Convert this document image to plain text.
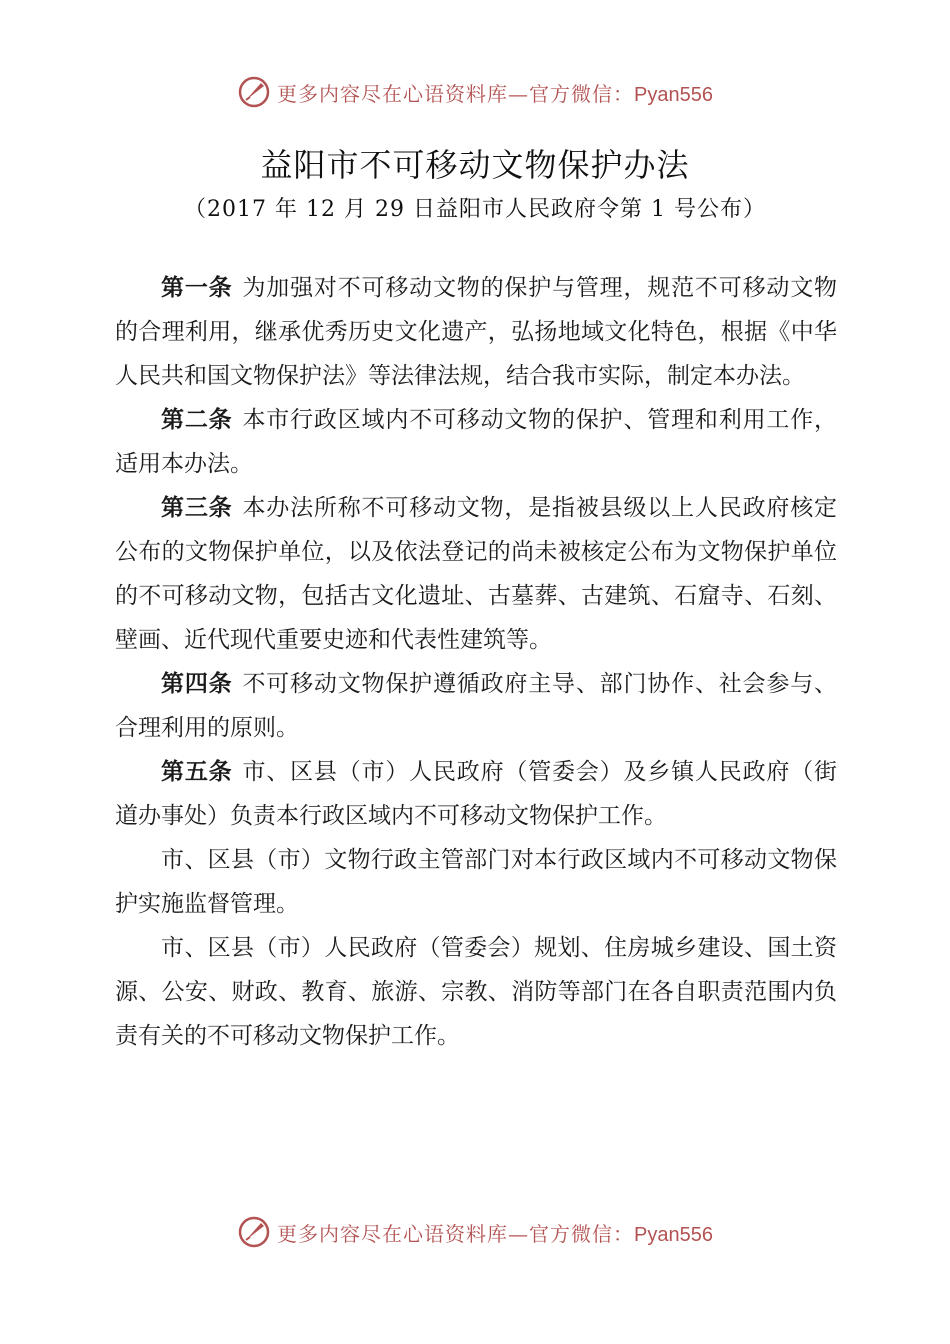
更多内容尽在心语资料库—官方微信：Pyan556
益阳市不可移动文物保护办法
（2017 年 12 月 29 日益阳市人民政府令第 1 号公布）

第一条 为加强对不可移动文物的保护与管理，规范不可移动文物的合理利用，继承优秀历史文化遗产，弘扬地域文化特色，根据《中华人民共和国文物保护法》等法律法规，结合我市实际，制定本办法。

第二条 本市行政区域内不可移动文物的保护、管理和利用工作，适用本办法。

第三条 本办法所称不可移动文物，是指被县级以上人民政府核定公布的文物保护单位，以及依法登记的尚未被核定公布为文物保护单位的不可移动文物，包括古文化遗址、古墓葬、古建筑、石窟寺、石刻、壁画、近代现代重要史迹和代表性建筑等。

第四条 不可移动文物保护遵循政府主导、部门协作、社会参与、合理利用的原则。

第五条 市、区县（市）人民政府（管委会）及乡镇人民政府（街道办事处）负责本行政区域内不可移动文物保护工作。

市、区县（市）文物行政主管部门对本行政区域内不可移动文物保护实施监督管理。

市、区县（市）人民政府（管委会）规划、住房城乡建设、国土资源、公安、财政、教育、旅游、宗教、消防等部门在各自职责范围内负责有关的不可移动文物保护工作。

更多内容尽在心语资料库—官方微信：Pyan556
